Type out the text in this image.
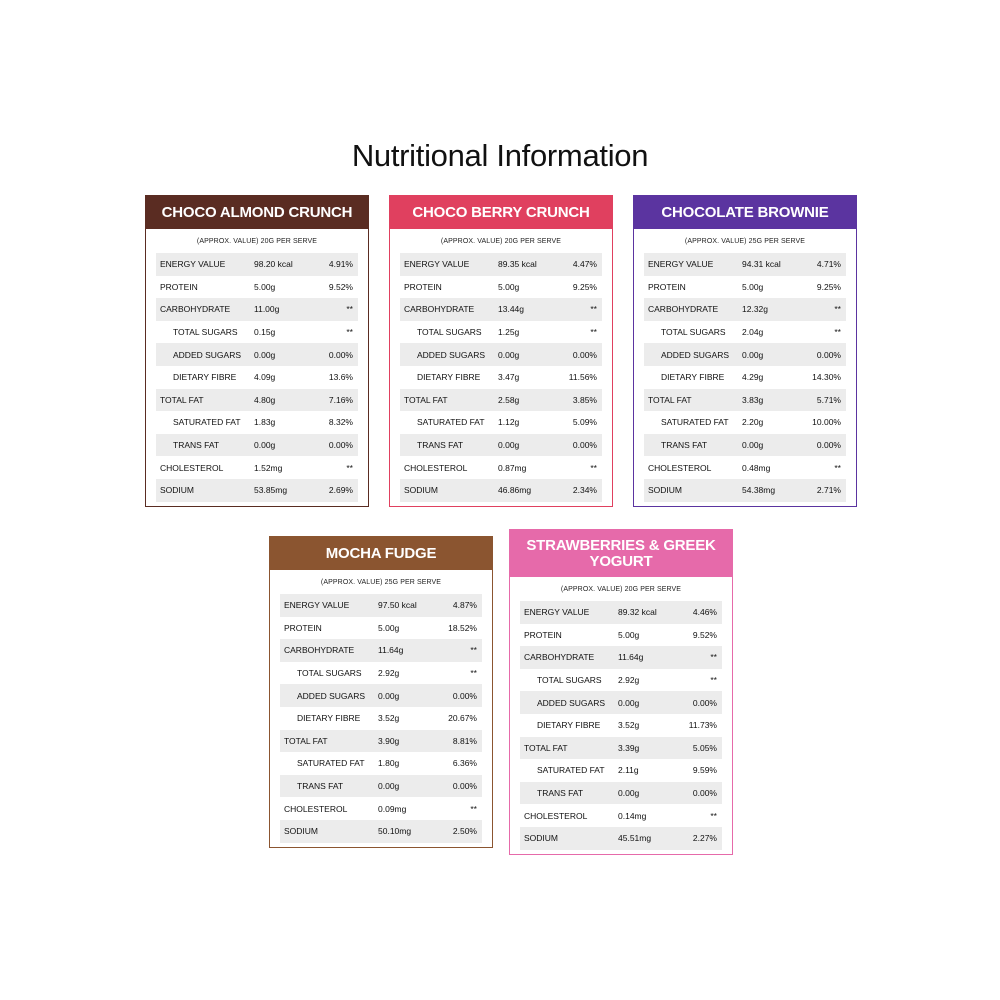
Nutritional Information
CHOCO ALMOND CRUNCH
(APPROX. VALUE) 20G PER SERVE
ENERGY VALUE	98.20 kcal	4.91%
PROTEIN	5.00g	9.52%
CARBOHYDRATE	11.00g	**
TOTAL SUGARS	0.15g	**
ADDED SUGARS	0.00g	0.00%
DIETARY FIBRE	4.09g	13.6%
TOTAL FAT	4.80g	7.16%
SATURATED FAT	1.83g	8.32%
TRANS FAT	0.00g	0.00%
CHOLESTEROL	1.52mg	**
SODIUM	53.85mg	2.69%
CHOCO BERRY CRUNCH
(APPROX. VALUE) 20G PER SERVE
ENERGY VALUE	89.35 kcal	4.47%
PROTEIN	5.00g	9.25%
CARBOHYDRATE	13.44g	**
TOTAL SUGARS	1.25g	**
ADDED SUGARS	0.00g	0.00%
DIETARY FIBRE	3.47g	11.56%
TOTAL FAT	2.58g	3.85%
SATURATED FAT	1.12g	5.09%
TRANS FAT	0.00g	0.00%
CHOLESTEROL	0.87mg	**
SODIUM	46.86mg	2.34%
CHOCOLATE BROWNIE
(APPROX. VALUE) 25G PER SERVE
ENERGY VALUE	94.31 kcal	4.71%
PROTEIN	5.00g	9.25%
CARBOHYDRATE	12.32g	**
TOTAL SUGARS	2.04g	**
ADDED SUGARS	0.00g	0.00%
DIETARY FIBRE	4.29g	14.30%
TOTAL FAT	3.83g	5.71%
SATURATED FAT	2.20g	10.00%
TRANS FAT	0.00g	0.00%
CHOLESTEROL	0.48mg	**
SODIUM	54.38mg	2.71%
MOCHA FUDGE
(APPROX. VALUE) 25G PER SERVE
ENERGY VALUE	97.50 kcal	4.87%
PROTEIN	5.00g	18.52%
CARBOHYDRATE	11.64g	**
TOTAL SUGARS	2.92g	**
ADDED SUGARS	0.00g	0.00%
DIETARY FIBRE	3.52g	20.67%
TOTAL FAT	3.90g	8.81%
SATURATED FAT	1.80g	6.36%
TRANS FAT	0.00g	0.00%
CHOLESTEROL	0.09mg	**
SODIUM	50.10mg	2.50%
STRAWBERRIES & GREEK YOGURT
(APPROX. VALUE) 20G PER SERVE
ENERGY VALUE	89.32 kcal	4.46%
PROTEIN	5.00g	9.52%
CARBOHYDRATE	11.64g	**
TOTAL SUGARS	2.92g	**
ADDED SUGARS	0.00g	0.00%
DIETARY FIBRE	3.52g	11.73%
TOTAL FAT	3.39g	5.05%
SATURATED FAT	2.11g	9.59%
TRANS FAT	0.00g	0.00%
CHOLESTEROL	0.14mg	**
SODIUM	45.51mg	2.27%
